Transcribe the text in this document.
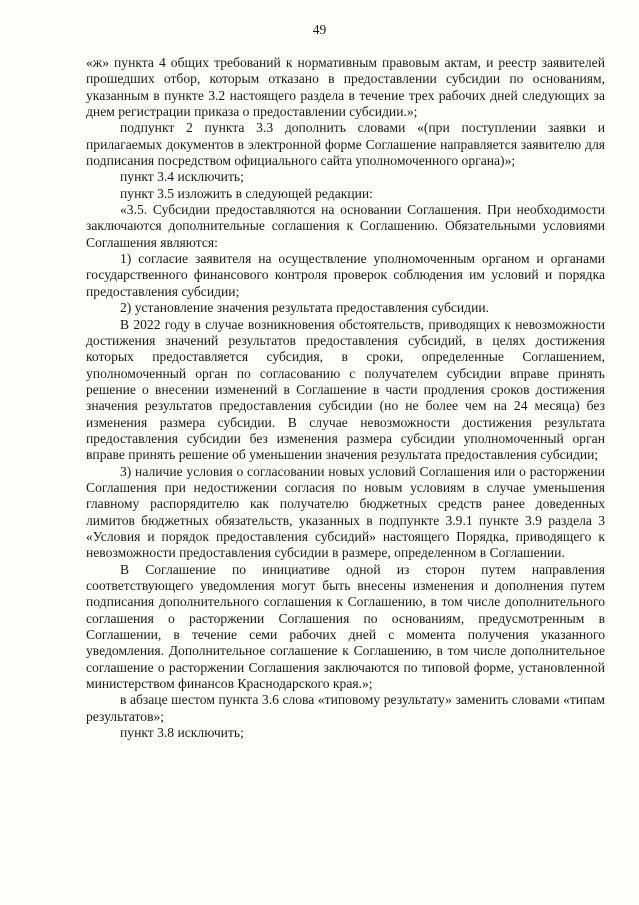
49

«ж» пункта 4 общих требований к нормативным правовым актам, и реестр заявителей прошедших отбор, которым отказано в предоставлении субсидии по основаниям, указанным в пункте 3.2 настоящего раздела в течение трех рабочих дней следующих за днем регистрации приказа о предоставлении субсидии.»;

подпункт 2 пункта 3.3 дополнить словами «(при поступлении заявки и прилагаемых документов в электронной форме Соглашение направляется заявителю для подписания посредством официального сайта уполномоченного органа)»;

пункт 3.4 исключить;

пункт 3.5 изложить в следующей редакции:

«3.5. Субсидии предоставляются на основании Соглашения. При необходимости заключаются дополнительные соглашения к Соглашению. Обязательными условиями Соглашения являются:

1) согласие заявителя на осуществление уполномоченным органом и органами государственного финансового контроля проверок соблюдения им условий и порядка предоставления субсидии;

2) установление значения результата предоставления субсидии.

В 2022 году в случае возникновения обстоятельств, приводящих к невозможности достижения значений результатов предоставления субсидий, в целях достижения которых предоставляется субсидия, в сроки, определенные Соглашением, уполномоченный орган по согласованию с получателем субсидии вправе принять решение о внесении изменений в Соглашение в части продления сроков достижения значения результатов предоставления субсидии (но не более чем на 24 месяца) без изменения размера субсидии. В случае невозможности достижения результата предоставления субсидии без изменения размера субсидии уполномоченный орган вправе принять решение об уменьшении значения результата предоставления субсидии;

3) наличие условия о согласовании новых условий Соглашения или о расторжении Соглашения при недостижении согласия по новым условиям в случае уменьшения главному распорядителю как получателю бюджетных средств ранее доведенных лимитов бюджетных обязательств, указанных в подпункте 3.9.1 пункте 3.9 раздела 3 «Условия и порядок предоставления субсидий» настоящего Порядка, приводящего к невозможности предоставления субсидии в размере, определенном в Соглашении.

В Соглашение по инициативе одной из сторон путем направления соответствующего уведомления могут быть внесены изменения и дополнения путем подписания дополнительного соглашения к Соглашению, в том числе дополнительного соглашения о расторжении Соглашения по основаниям, предусмотренным в Соглашении, в течение семи рабочих дней с момента получения указанного уведомления. Дополнительное соглашение к Соглашению, в том числе дополнительное соглашение о расторжении Соглашения заключаются по типовой форме, установленной министерством финансов Краснодарского края.»;

в абзаце шестом пункта 3.6 слова «типовому результату» заменить словами «типам результатов»;

пункт 3.8 исключить;
